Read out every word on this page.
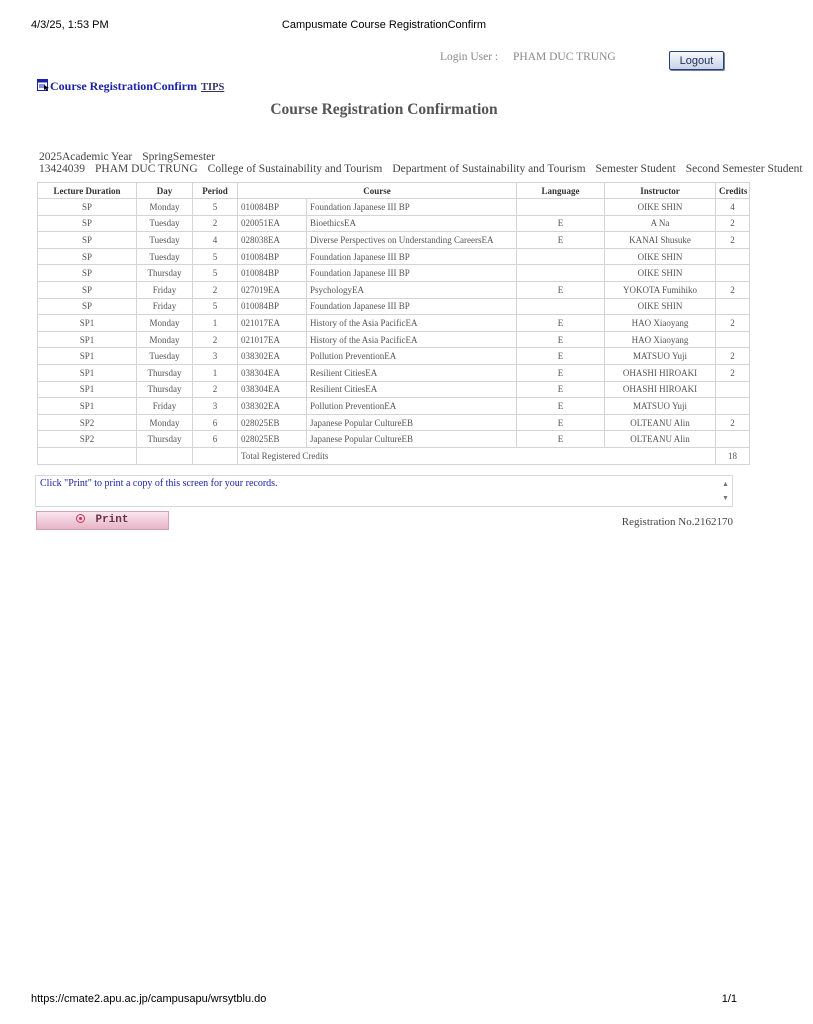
4/3/25, 1:53 PM	Campusmate Course RegistrationConfirm
Login User : PHAM DUC TRUNG	Logout
Course RegistrationConfirm TIPS
Course Registration Confirmation
2025Academic Year SpringSemester
13424039 PHAM DUC TRUNG College of Sustainability and Tourism Department of Sustainability and Tourism Semester Student Second Semester Student
Lecture Duration	Day	Period	Course		Language	Instructor	Credits
SP	Monday	5	010084BP	Foundation Japanese III BP		OIKE SHIN	4
SP	Tuesday	2	020051EA	BioethicsEA	E	A Na	2
SP	Tuesday	4	028038EA	Diverse Perspectives on Understanding CareersEA	E	KANAI Shusuke	2
SP	Tuesday	5	010084BP	Foundation Japanese III BP		OIKE SHIN	
SP	Thursday	5	010084BP	Foundation Japanese III BP		OIKE SHIN	
SP	Friday	2	027019EA	PsychologyEA	E	YOKOTA Fumihiko	2
SP	Friday	5	010084BP	Foundation Japanese III BP		OIKE SHIN	
SP1	Monday	1	021017EA	History of the Asia PacificEA	E	HAO Xiaoyang	2
SP1	Monday	2	021017EA	History of the Asia PacificEA	E	HAO Xiaoyang	
SP1	Tuesday	3	038302EA	Pollution PreventionEA	E	MATSUO Yuji	2
SP1	Thursday	1	038304EA	Resilient CitiesEA	E	OHASHI HIROAKI	2
SP1	Thursday	2	038304EA	Resilient CitiesEA	E	OHASHI HIROAKI	
SP1	Friday	3	038302EA	Pollution PreventionEA	E	MATSUO Yuji	
SP2	Monday	6	028025EB	Japanese Popular CultureEB	E	OLTEANU Alin	2
SP2	Thursday	6	028025EB	Japanese Popular CultureEB	E	OLTEANU Alin	
			Total Registered Credits				18
Click "Print" to print a copy of this screen for your records.	▲
▼
Print	Registration No.2162170
https://cmate2.apu.ac.jp/campusapu/wrsytblu.do	1/1
